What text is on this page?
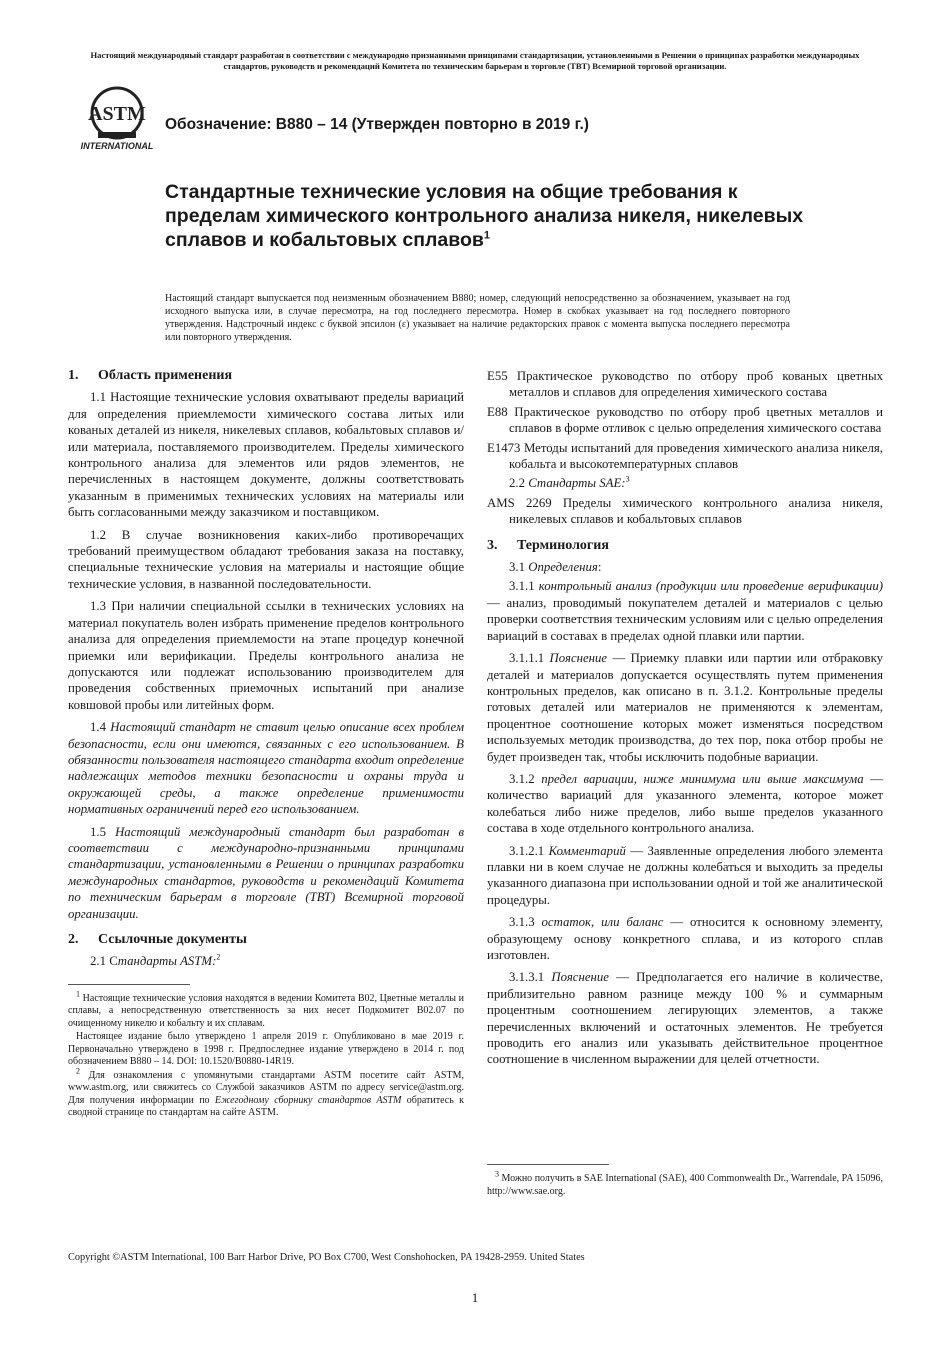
Настоящий международный стандарт разработан в соответствии с международно признанными принципами стандартизации, установленными в Решении о принципах разработки международных стандартов, руководств и рекомендаций Комитета по техническим барьерам в торговле (ТВТ) Всемирной торговой организации.
ASTM
INTERNATIONAL
Обозначение: B880 – 14 (Утвержден повторно в 2019 г.)
Стандартные технические условия на общие требования к пределам химического контрольного анализа никеля, никелевых сплавов и кобальтовых сплавов$^1$
Настоящий стандарт выпускается под неизменным обозначением B880; номер, следующий непосредственно за обозначением, указывает на год исходного выпуска или, в случае пересмотра, на год последнего пересмотра. Номер в скобках указывает на год последнего повторного утверждения. Надстрочный индекс с буквой эпсилон (ε) указывает на наличие редакторских правок с момента выпуска последнего пересмотра или повторного утверждения.
1. Область применения
1.1 Настоящие технические условия охватывают пределы вариаций для определения приемлемости химического состава литых или кованых деталей из никеля, никелевых сплавов, кобальтовых сплавов и/или материала, поставляемого производителем. Пределы химического контрольного анализа для элементов или рядов элементов, не перечисленных в настоящем документе, должны соответствовать указанным в применимых технических условиях на материалы или быть согласованными между заказчиком и поставщиком.
1.2 В случае возникновения каких-либо противоречащих требований преимуществом обладают требования заказа на поставку, специальные технические условия на материалы и настоящие общие технические условия, в названной последовательности.
1.3 При наличии специальной ссылки в технических условиях на материал покупатель волен избрать применение пределов контрольного анализа для определения приемлемости на этапе процедур конечной приемки или верификации. Пределы контрольного анализа не допускаются или подлежат использованию производителем для проведения собственных приемочных испытаний при анализе ковшовой пробы или литейных форм.
1.4 Настоящий стандарт не ставит целью описание всех проблем безопасности, если они имеются, связанных с его использованием. В обязанности пользователя настоящего стандарта входит определение надлежащих методов техники безопасности и охраны труда и окружающей среды, а также определение применимости нормативных ограничений перед его использованием.
1.5 Настоящий международный стандарт был разработан в соответствии с международно-признанными принципами стандартизации, установленными в Решении о принципах разработки международных стандартов, руководств и рекомендаций Комитета по техническим барьерам в торговле (ТВТ) Всемирной торговой организации.
2. Ссылочные документы
2.1 Стандарты ASTM:$^2$
$^1$ Настоящие технические условия находятся в ведении Комитета B02, Цветные металлы и сплавы, а непосредственную ответственность за них несет Подкомитет B02.07 по очищенному никелю и кобальту и их сплавам.
Настоящее издание было утверждено 1 апреля 2019 г. Опубликовано в мае 2019 г. Первоначально утверждено в 1998 г. Предпоследнее издание утверждено в 2014 г. под обозначением B880 – 14. DOI: 10.1520/B0880-14R19.
$^2$ Для ознакомления с упомянутыми стандартами ASTM посетите сайт ASTM, www.astm.org, или свяжитесь со Службой заказчиков ASTM по адресу service@astm.org. Для получения информации по Ежегодному сборнику стандартов ASTM обратитесь к сводной странице по стандартам на сайте ASTM.
E55 Практическое руководство по отбору проб кованых цветных металлов и сплавов для определения химического состава
E88 Практическое руководство по отбору проб цветных металлов и сплавов в форме отливок с целью определения химического состава
E1473 Методы испытаний для проведения химического анализа никеля, кобальта и высокотемпературных сплавов
2.2 Стандарты SAE:$^3$
AMS 2269 Пределы химического контрольного анализа никеля, никелевых сплавов и кобальтовых сплавов
3. Терминология
3.1 Определения:
3.1.1 контрольный анализ (продукции или проведение верификации) — анализ, проводимый покупателем деталей и материалов с целью проверки соответствия техническим условиям или с целью определения вариаций в составах в пределах одной плавки или партии.
3.1.1.1 Пояснение — Приемку плавки или партии или отбраковку деталей и материалов допускается осуществлять путем применения контрольных пределов, как описано в п. 3.1.2. Контрольные пределы готовых деталей или материалов не применяются к элементам, процентное соотношение которых может изменяться посредством используемых методик производства, до тех пор, пока отбор пробы не будет произведен так, чтобы исключить подобные вариации.
3.1.2 предел вариации, ниже минимума или выше максимума — количество вариаций для указанного элемента, которое может колебаться либо ниже пределов, либо выше пределов указанного состава в ходе отдельного контрольного анализа.
3.1.2.1 Комментарий — Заявленные определения любого элемента плавки ни в коем случае не должны колебаться и выходить за пределы указанного диапазона при использовании одной и той же аналитической процедуры.
3.1.3 остаток, или баланс — относится к основному элементу, образующему основу конкретного сплава, и из которого сплав изготовлен.
3.1.3.1 Пояснение — Предполагается его наличие в количестве, приблизительно равном разнице между 100 % и суммарным процентным соотношением легирующих элементов, а также перечисленных включений и остаточных элементов. Не требуется проводить его анализ или указывать действительное процентное соотношение в численном выражении для целей отчетности.
$^3$ Можно получить в SAE International (SAE), 400 Commonwealth Dr., Warrendale, PA 15096, http://www.sae.org.
Copyright ©ASTM International, 100 Barr Harbor Drive, PO Box C700, West Conshohocken, PA 19428-2959. United States
1
